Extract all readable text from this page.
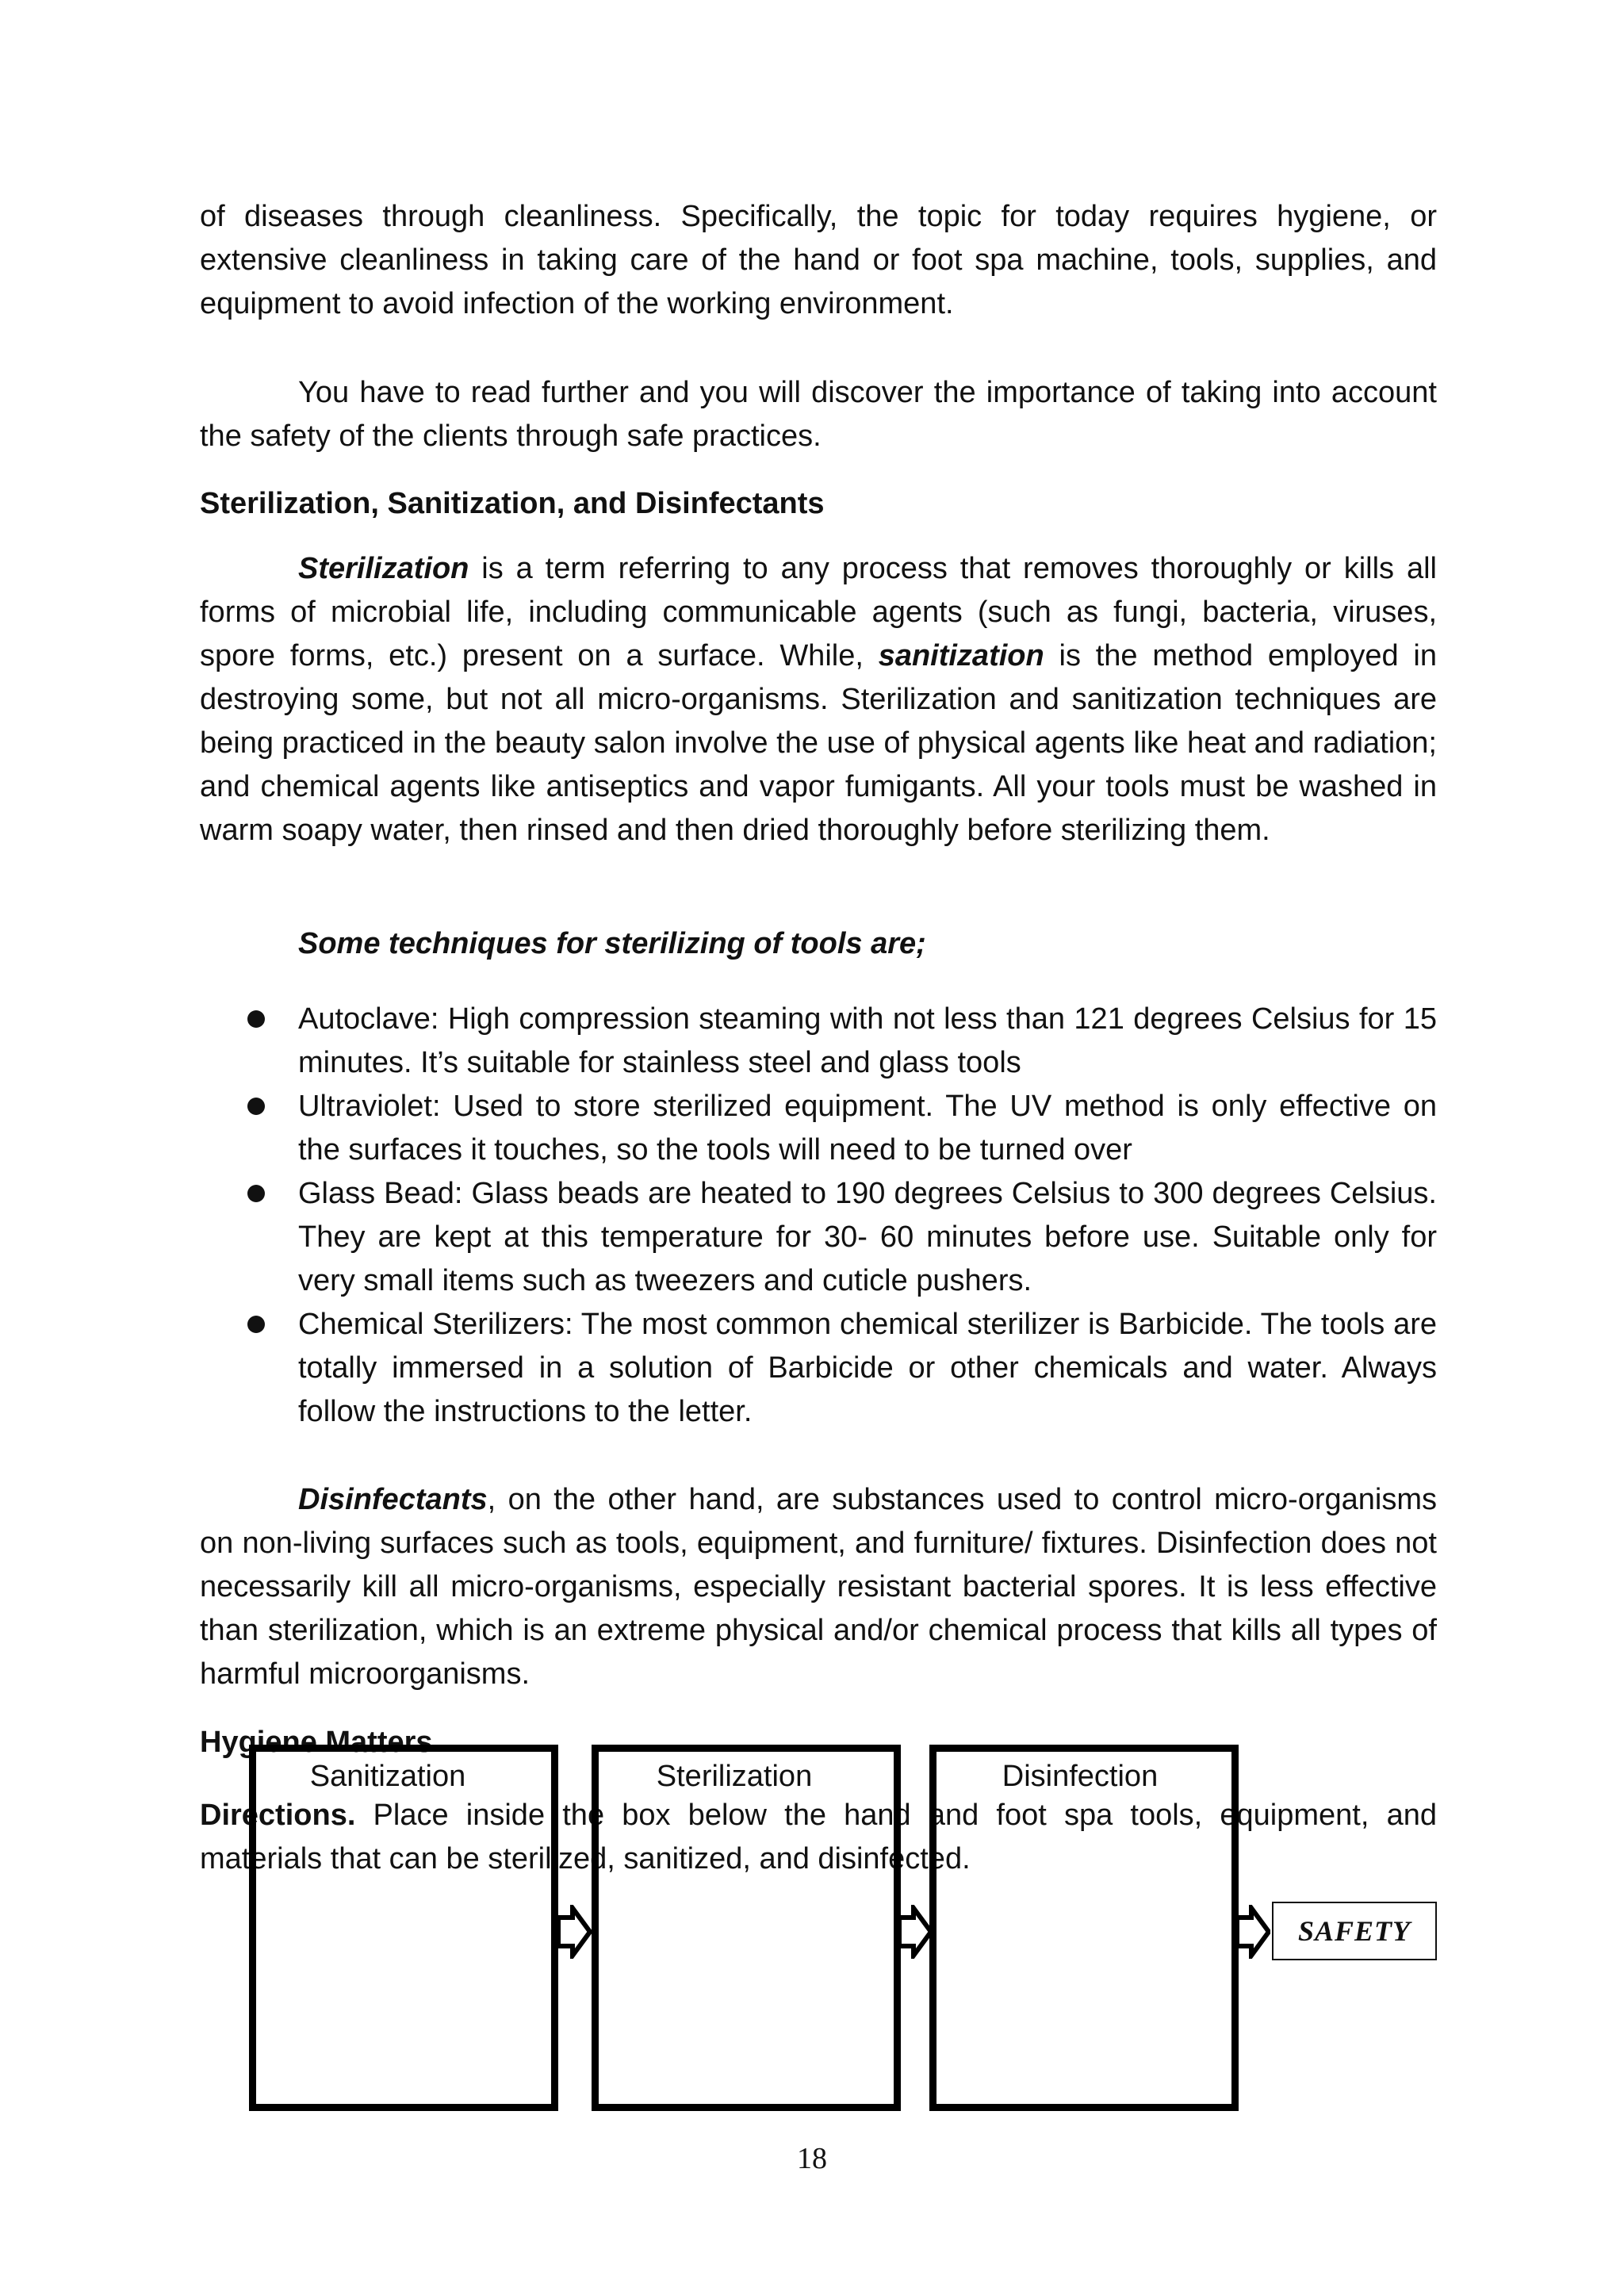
of diseases through cleanliness. Specifically, the topic for today requires hygiene, or extensive cleanliness in taking care of the hand or foot spa machine, tools, supplies, and equipment to avoid infection of the working environment.

You have to read further and you will discover the importance of taking into account the safety of the clients through safe practices.

Sterilization, Sanitization, and Disinfectants

Sterilization is a term referring to any process that removes thoroughly or kills all forms of microbial life, including communicable agents (such as fungi, bacteria, viruses, spore forms, etc.) present on a surface. While, sanitization is the method employed in destroying some, but not all micro-organisms. Sterilization and sanitization techniques are being practiced in the beauty salon involve the use of physical agents like heat and radiation; and chemical agents like antiseptics and vapor fumigants. All your tools must be washed in warm soapy water, then rinsed and then dried thoroughly before sterilizing them.

Some techniques for sterilizing of tools are;

Autoclave: High compression steaming with not less than 121 degrees Celsius for 15 minutes. It’s suitable for stainless steel and glass tools
Ultraviolet: Used to store sterilized equipment. The UV method is only effective on the surfaces it touches, so the tools will need to be turned over
Glass Bead: Glass beads are heated to 190 degrees Celsius to 300 degrees Celsius. They are kept at this temperature for 30- 60 minutes before use. Suitable only for very small items such as tweezers and cuticle pushers.
Chemical Sterilizers: The most common chemical sterilizer is Barbicide. The tools are totally immersed in a solution of Barbicide or other chemicals and water. Always follow the instructions to the letter.

Disinfectants, on the other hand, are substances used to control micro-organisms on non-living surfaces such as tools, equipment, and furniture/ fixtures. Disinfection does not necessarily kill all micro-organisms, especially resistant bacterial spores. It is less effective than sterilization, which is an extreme physical and/or chemical process that kills all types of harmful microorganisms.

Hygiene Matters

Directions. Place inside the box below the hand and foot spa tools, equipment, and materials that can be sterilized, sanitized, and disinfected.

Sanitization	Sterilization	Disinfection
SAFETY
18
